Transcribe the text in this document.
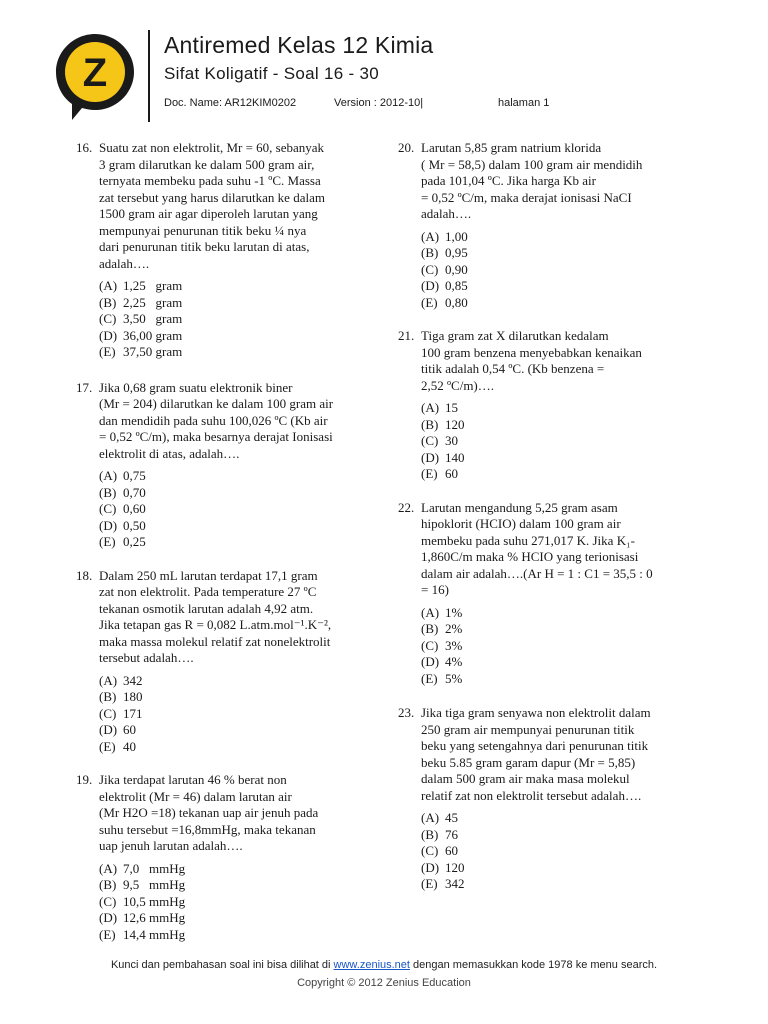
Z
Antiremed Kelas 12 Kimia
Sifat Koligatif - Soal 16 - 30
Doc. Name: AR12KIM0202	Version : 2012-10|	halaman 1
16. Suatu zat non elektrolit, Mr = 60, sebanyak
3 gram dilarutkan ke dalam 500 gram air,
ternyata membeku pada suhu -1 ºC. Massa
zat tersebut yang harus dilarutkan ke dalam
1500 gram air agar diperoleh larutan yang
mempunyai penurunan titik beku ¼ nya
dari penurunan titik beku larutan di atas,
adalah….
(A) 1,25   gram
(B) 2,25   gram
(C) 3,50   gram
(D) 36,00 gram
(E) 37,50 gram
17. Jika 0,68 gram suatu elektronik biner
(Mr = 204) dilarutkan ke dalam 100 gram air
dan mendidih pada suhu 100,026 ºC (Kb air
= 0,52 ºC/m), maka besarnya derajat Ionisasi
elektrolit di atas, adalah….
(A) 0,75
(B) 0,70
(C) 0,60
(D) 0,50
(E) 0,25
18. Dalam 250 mL larutan terdapat 17,1 gram
zat non elektrolit. Pada temperature 27 ºC
tekanan osmotik larutan adalah 4,92 atm.
Jika tetapan gas R = 0,082 L.atm.mol⁻¹.K⁻²,
maka massa molekul relatif zat nonelektrolit
tersebut adalah….
(A) 342
(B) 180
(C) 171
(D) 60
(E) 40
19. Jika terdapat larutan 46 % berat non
elektrolit (Mr = 46) dalam larutan air
(Mr H2O =18) tekanan uap air jenuh pada
suhu tersebut =16,8mmHg, maka tekanan
uap jenuh larutan adalah….
(A) 7,0   mmHg
(B) 9,5   mmHg
(C) 10,5 mmHg
(D) 12,6 mmHg
(E) 14,4 mmHg
20. Larutan 5,85 gram natrium klorida
( Mr = 58,5) dalam 100 gram air mendidih
pada 101,04 ºC. Jika harga Kb air
= 0,52 ºC/m, maka derajat ionisasi NaCI
adalah….
(A) 1,00
(B) 0,95
(C) 0,90
(D) 0,85
(E) 0,80
21. Tiga gram zat X dilarutkan kedalam
100 gram benzena menyebabkan kenaikan
titik adalah 0,54 ºC. (Kb benzena =
2,52 ºC/m)….
(A) 15
(B) 120
(C) 30
(D) 140
(E) 60
22. Larutan mengandung 5,25 gram asam
hipoklorit (HCIO) dalam 100 gram air
membeku pada suhu 271,017 K. Jika K₁-
1,860C/m maka % HCIO yang terionisasi
dalam air adalah….(Ar H = 1 : C1 = 35,5 : 0
= 16)
(A) 1%
(B) 2%
(C) 3%
(D) 4%
(E) 5%
23. Jika tiga gram senyawa non elektrolit dalam
250 gram air mempunyai penurunan titik
beku yang setengahnya dari penurunan titik
beku 5.85 gram garam dapur (Mr = 5,85)
dalam 500 gram air maka masa molekul
relatif zat non elektrolit tersebut adalah….
(A) 45
(B) 76
(C) 60
(D) 120
(E) 342
Kunci dan pembahasan soal ini bisa dilihat di www.zenius.net dengan memasukkan kode 1978 ke menu search.
Copyright © 2012 Zenius Education
